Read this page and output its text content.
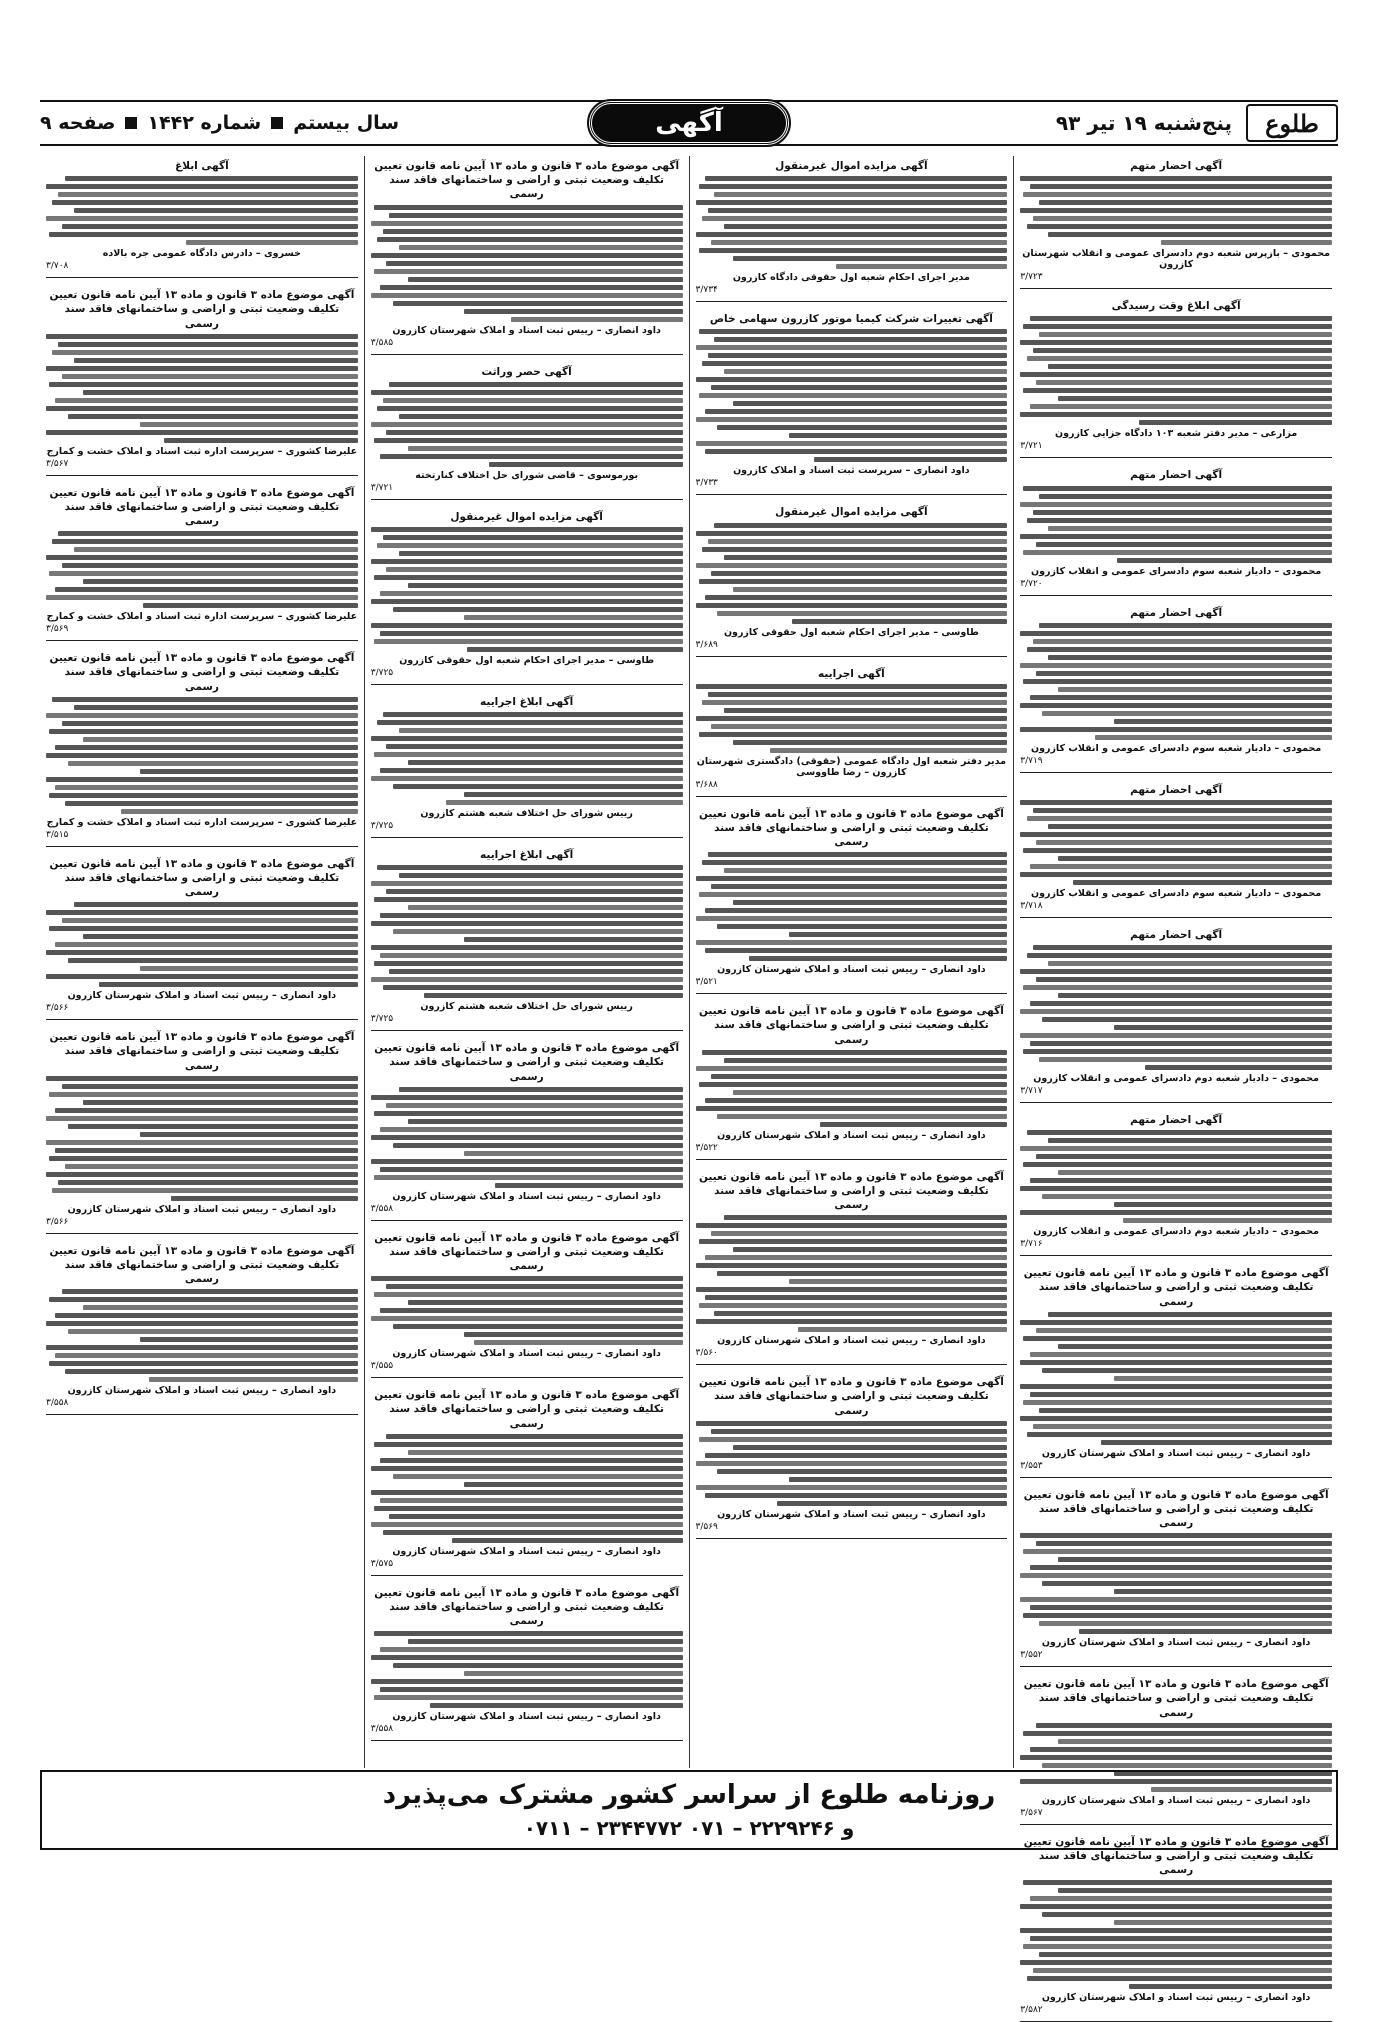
طلوع
پنج‌شنبه ۱۹ تیر ۹۳
آگهی
سال بیستم
شماره ۱۴۴۲
صفحه ۹
آگهی احضار متهم
محمودی – بازپرس شعبه دوم دادسرای عمومی و انقلاب شهرستان کازرون
۳/۷۲۳
آگهی ابلاغ وقت رسیدگی
مزارعی – مدیر دفتر شعبه ۱۰۳ دادگاه جزایی کازرون
۳/۷۲۱
آگهی احضار متهم
محمودی – دادیار شعبه سوم دادسرای عمومی و انقلاب کازرون
۳/۷۲۰
آگهی احضار متهم
محمودی – دادیار شعبه سوم دادسرای عمومی و انقلاب کازرون
۳/۷۱۹
آگهی احضار متهم
محمودی – دادیار شعبه سوم دادسرای عمومی و انقلاب کازرون
۳/۷۱۸
آگهی احضار متهم
محمودی – دادیار شعبه دوم دادسرای عمومی و انقلاب کازرون
۳/۷۱۷
آگهی احضار متهم
محمودی – دادیار شعبه دوم دادسرای عمومی و انقلاب کازرون
۳/۷۱۶
آگهی موضوع ماده ۳ قانون و ماده ۱۳ آیین نامه قانون تعیین تکلیف وضعیت ثبتی و اراضی و ساختمانهای فاقد سند رسمی
داود انصاری – رییس ثبت اسناد و املاک شهرستان کازرون
۳/۵۵۳
آگهی موضوع ماده ۳ قانون و ماده ۱۳ آیین نامه قانون تعیین تکلیف وضعیت ثبتی و اراضی و ساختمانهای فاقد سند رسمی
داود انصاری – رییس ثبت اسناد و املاک شهرستان کازرون
۳/۵۵۲
آگهی موضوع ماده ۳ قانون و ماده ۱۳ آیین نامه قانون تعیین تکلیف وضعیت ثبتی و اراضی و ساختمانهای فاقد سند رسمی
داود انصاری – رییس ثبت اسناد و املاک شهرستان کازرون
۳/۵۶۷
آگهی موضوع ماده ۳ قانون و ماده ۱۳ آیین نامه قانون تعیین تکلیف وضعیت ثبتی و اراضی و ساختمانهای فاقد سند رسمی
داود انصاری – رییس ثبت اسناد و املاک شهرستان کازرون
۳/۵۸۲
آگهی مزایده اموال غیرمنقول
مدیر اجرای احکام شعبه اول حقوقی دادگاه کازرون
۳/۷۳۴
آگهی تغییرات شرکت کیمیا موتور کازرون سهامی خاص
داود انصاری – سرپرست ثبت اسناد و املاک کازرون
۳/۷۳۳
آگهی مزایده اموال غیرمنقول
طاوسی – مدیر اجرای احکام شعبه اول حقوقی کازرون
۳/۶۸۹
آگهی اجراییه
مدیر دفتر شعبه اول دادگاه عمومی (حقوقی) دادگستری شهرستان کازرون – رضا طاووسی
۳/۶۸۸
آگهی موضوع ماده ۳ قانون و ماده ۱۳ آیین نامه قانون تعیین تکلیف وضعیت ثبتی و اراضی و ساختمانهای فاقد سند رسمی
داود انصاری – رییس ثبت اسناد و املاک شهرستان کازرون
۳/۵۲۱
آگهی موضوع ماده ۳ قانون و ماده ۱۳ آیین نامه قانون تعیین تکلیف وضعیت ثبتی و اراضی و ساختمانهای فاقد سند رسمی
داود انصاری – رییس ثبت اسناد و املاک شهرستان کازرون
۳/۵۲۲
آگهی موضوع ماده ۳ قانون و ماده ۱۳ آیین نامه قانون تعیین تکلیف وضعیت ثبتی و اراضی و ساختمانهای فاقد سند رسمی
داود انصاری – رییس ثبت اسناد و املاک شهرستان کازرون
۳/۵۶۰
آگهی موضوع ماده ۳ قانون و ماده ۱۳ آیین نامه قانون تعیین تکلیف وضعیت ثبتی و اراضی و ساختمانهای فاقد سند رسمی
داود انصاری – رییس ثبت اسناد و املاک شهرستان کازرون
۳/۵۶۹
آگهی موضوع ماده ۳ قانون و ماده ۱۳ آیین نامه قانون تعیین تکلیف وضعیت ثبتی و اراضی و ساختمانهای فاقد سند رسمی
داود انصاری – رییس ثبت اسناد و املاک شهرستان کازرون
۳/۵۸۵
آگهی حصر وراثت
بورموسوی – قاضی شورای حل اختلاف کنارتخته
۳/۷۲۱
آگهی مزایده اموال غیرمنقول
طاوسی – مدیر اجرای احکام شعبه اول حقوقی کازرون
۳/۷۲۵
آگهی ابلاغ اجراییه
رییس شورای حل اختلاف شعبه هشتم کازرون
۳/۷۲۵
آگهی ابلاغ اجراییه
رییس شورای حل اختلاف شعبه هشتم کازرون
۳/۷۲۵
آگهی موضوع ماده ۳ قانون و ماده ۱۳ آیین نامه قانون تعیین تکلیف وضعیت ثبتی و اراضی و ساختمانهای فاقد سند رسمی
داود انصاری – رییس ثبت اسناد و املاک شهرستان کازرون
۳/۵۵۸
آگهی موضوع ماده ۳ قانون و ماده ۱۳ آیین نامه قانون تعیین تکلیف وضعیت ثبتی و اراضی و ساختمانهای فاقد سند رسمی
داود انصاری – رییس ثبت اسناد و املاک شهرستان کازرون
۳/۵۵۵
آگهی موضوع ماده ۳ قانون و ماده ۱۳ آیین نامه قانون تعیین تکلیف وضعیت ثبتی و اراضی و ساختمانهای فاقد سند رسمی
داود انصاری – رییس ثبت اسناد و املاک شهرستان کازرون
۳/۵۷۵
آگهی موضوع ماده ۳ قانون و ماده ۱۳ آیین نامه قانون تعیین تکلیف وضعیت ثبتی و اراضی و ساختمانهای فاقد سند رسمی
داود انصاری – رییس ثبت اسناد و املاک شهرستان کازرون
۳/۵۵۸
آگهی ابلاغ
خسروی – دادرس دادگاه عمومی جره بالاده
۳/۷۰۸
آگهی موضوع ماده ۳ قانون و ماده ۱۳ آیین نامه قانون تعیین تکلیف وضعیت ثبتی و اراضی و ساختمانهای فاقد سند رسمی
علیرضا کشوری – سرپرست اداره ثبت اسناد و املاک خشت و کمارج
۳/۵۶۷
آگهی موضوع ماده ۳ قانون و ماده ۱۳ آیین نامه قانون تعیین تکلیف وضعیت ثبتی و اراضی و ساختمانهای فاقد سند رسمی
علیرضا کشوری – سرپرست اداره ثبت اسناد و املاک خشت و کمارج
۳/۵۶۹
آگهی موضوع ماده ۳ قانون و ماده ۱۳ آیین نامه قانون تعیین تکلیف وضعیت ثبتی و اراضی و ساختمانهای فاقد سند رسمی
علیرضا کشوری – سرپرست اداره ثبت اسناد و املاک خشت و کمارج
۳/۵۱۵
آگهی موضوع ماده ۳ قانون و ماده ۱۳ آیین نامه قانون تعیین تکلیف وضعیت ثبتی و اراضی و ساختمانهای فاقد سند رسمی
داود انصاری – رییس ثبت اسناد و املاک شهرستان کازرون
۳/۵۶۶
آگهی موضوع ماده ۳ قانون و ماده ۱۳ آیین نامه قانون تعیین تکلیف وضعیت ثبتی و اراضی و ساختمانهای فاقد سند رسمی
داود انصاری – رییس ثبت اسناد و املاک شهرستان کازرون
۳/۵۶۶
آگهی موضوع ماده ۳ قانون و ماده ۱۳ آیین نامه قانون تعیین تکلیف وضعیت ثبتی و اراضی و ساختمانهای فاقد سند رسمی
داود انصاری – رییس ثبت اسناد و املاک شهرستان کازرون
۳/۵۵۸
روزنامه طلوع از سراسر کشور مشترک می‌پذیرد
۰۷۱۱ – ۲۳۴۴۷۷۲ و ۲۲۲۹۲۴۶ – ۰۷۱
